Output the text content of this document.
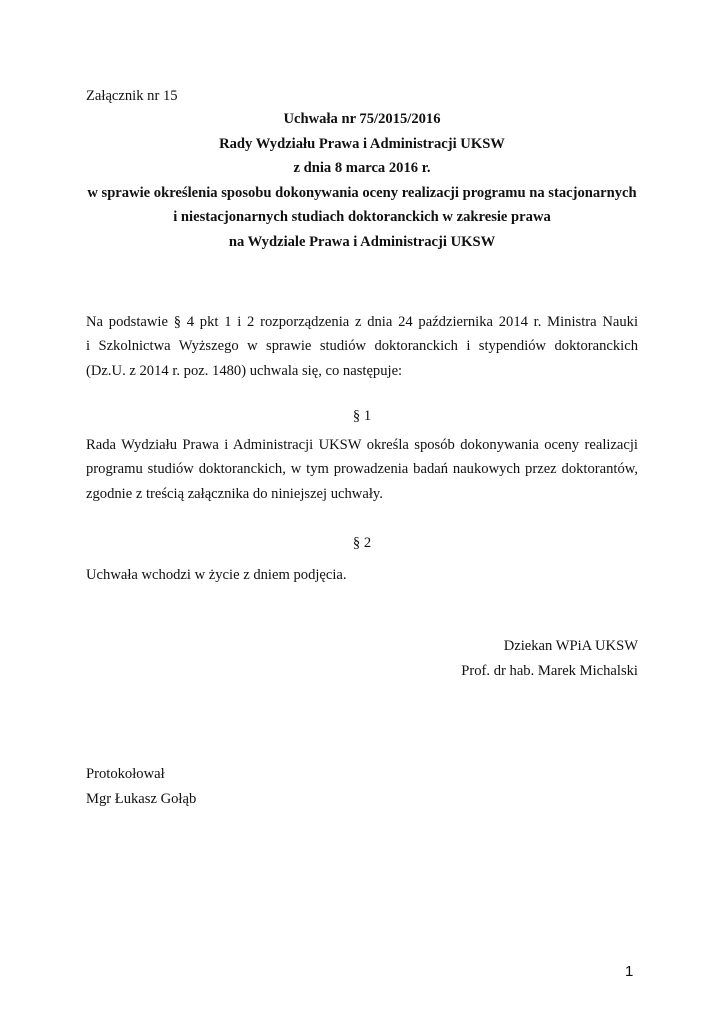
Załącznik nr 15
Uchwała nr 75/2015/2016
Rady Wydziału Prawa i Administracji UKSW
z dnia 8 marca 2016 r.
w sprawie określenia sposobu dokonywania oceny realizacji programu na stacjonarnych
i niestacjonarnych studiach doktoranckich w zakresie prawa
na Wydziale Prawa i Administracji UKSW
Na podstawie § 4 pkt 1 i 2 rozporządzenia z dnia 24 października 2014 r. Ministra Nauki
i Szkolnictwa Wyższego w sprawie studiów doktoranckich i stypendiów doktoranckich
(Dz.U. z 2014 r. poz. 1480) uchwala się, co następuje:
§ 1
Rada Wydziału Prawa i Administracji UKSW określa sposób dokonywania oceny realizacji
programu studiów doktoranckich, w tym prowadzenia badań naukowych przez doktorantów,
zgodnie z treścią załącznika do niniejszej uchwały.
§ 2
Uchwała wchodzi w życie z dniem podjęcia.
Dziekan WPiA UKSW
Prof. dr hab. Marek Michalski
Protokołował
Mgr Łukasz Gołąb
1
